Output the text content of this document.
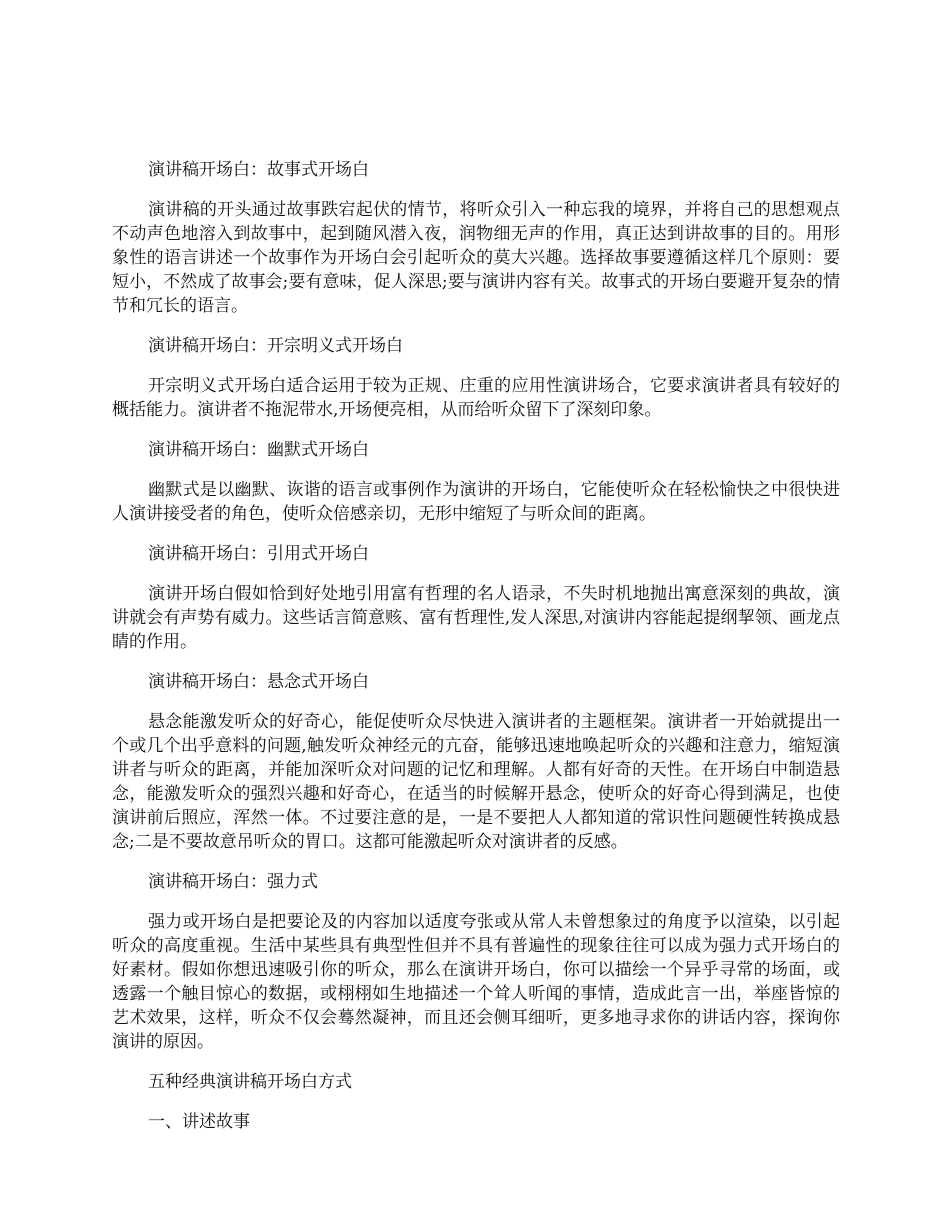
演讲稿开场白：故事式开场白

演讲稿的开头通过故事跌宕起伏的情节，将听众引入一种忘我的境界，并将自己的思想观点不动声色地溶入到故事中，起到随风潜入夜，润物细无声的作用，真正达到讲故事的目的。用形象性的语言讲述一个故事作为开场白会引起听众的莫大兴趣。选择故事要遵循这样几个原则：要短小，不然成了故事会;要有意味，促人深思;要与演讲内容有关。故事式的开场白要避开复杂的情节和冗长的语言。

演讲稿开场白：开宗明义式开场白

开宗明义式开场白适合运用于较为正规、庄重的应用性演讲场合，它要求演讲者具有较好的概括能力。演讲者不拖泥带水,开场便亮相，从而给听众留下了深刻印象。

演讲稿开场白：幽默式开场白

幽默式是以幽默、诙谐的语言或事例作为演讲的开场白，它能使听众在轻松愉快之中很快进人演讲接受者的角色，使听众倍感亲切，无形中缩短了与听众间的距离。

演讲稿开场白：引用式开场白

演讲开场白假如恰到好处地引用富有哲理的名人语录，不失时机地抛出寓意深刻的典故，演讲就会有声势有威力。这些话言简意赅、富有哲理性,发人深思,对演讲内容能起提纲挈领、画龙点睛的作用。

演讲稿开场白：悬念式开场白

悬念能激发听众的好奇心，能促使听众尽快进入演讲者的主题框架。演讲者一开始就提出一个或几个出乎意料的问题,触发听众神经元的亢奋，能够迅速地唤起听众的兴趣和注意力，缩短演讲者与听众的距离，并能加深听众对问题的记忆和理解。人都有好奇的天性。在开场白中制造悬念，能激发听众的强烈兴趣和好奇心，在适当的时候解开悬念，使听众的好奇心得到满足，也使演讲前后照应，浑然一体。不过要注意的是，一是不要把人人都知道的常识性问题硬性转换成悬念;二是不要故意吊听众的胃口。这都可能激起听众对演讲者的反感。

演讲稿开场白：强力式

强力或开场白是把要论及的内容加以适度夸张或从常人未曾想象过的角度予以渲染，以引起听众的高度重视。生活中某些具有典型性但并不具有普遍性的现象往往可以成为强力式开场白的好素材。假如你想迅速吸引你的听众，那么在演讲开场白，你可以描绘一个异乎寻常的场面，或透露一个触目惊心的数据，或栩栩如生地描述一个耸人听闻的事情，造成此言一出，举座皆惊的艺术效果，这样，听众不仅会蓦然凝神，而且还会侧耳细听，更多地寻求你的讲话内容，探询你演讲的原因。

五种经典演讲稿开场白方式

一、讲述故事
